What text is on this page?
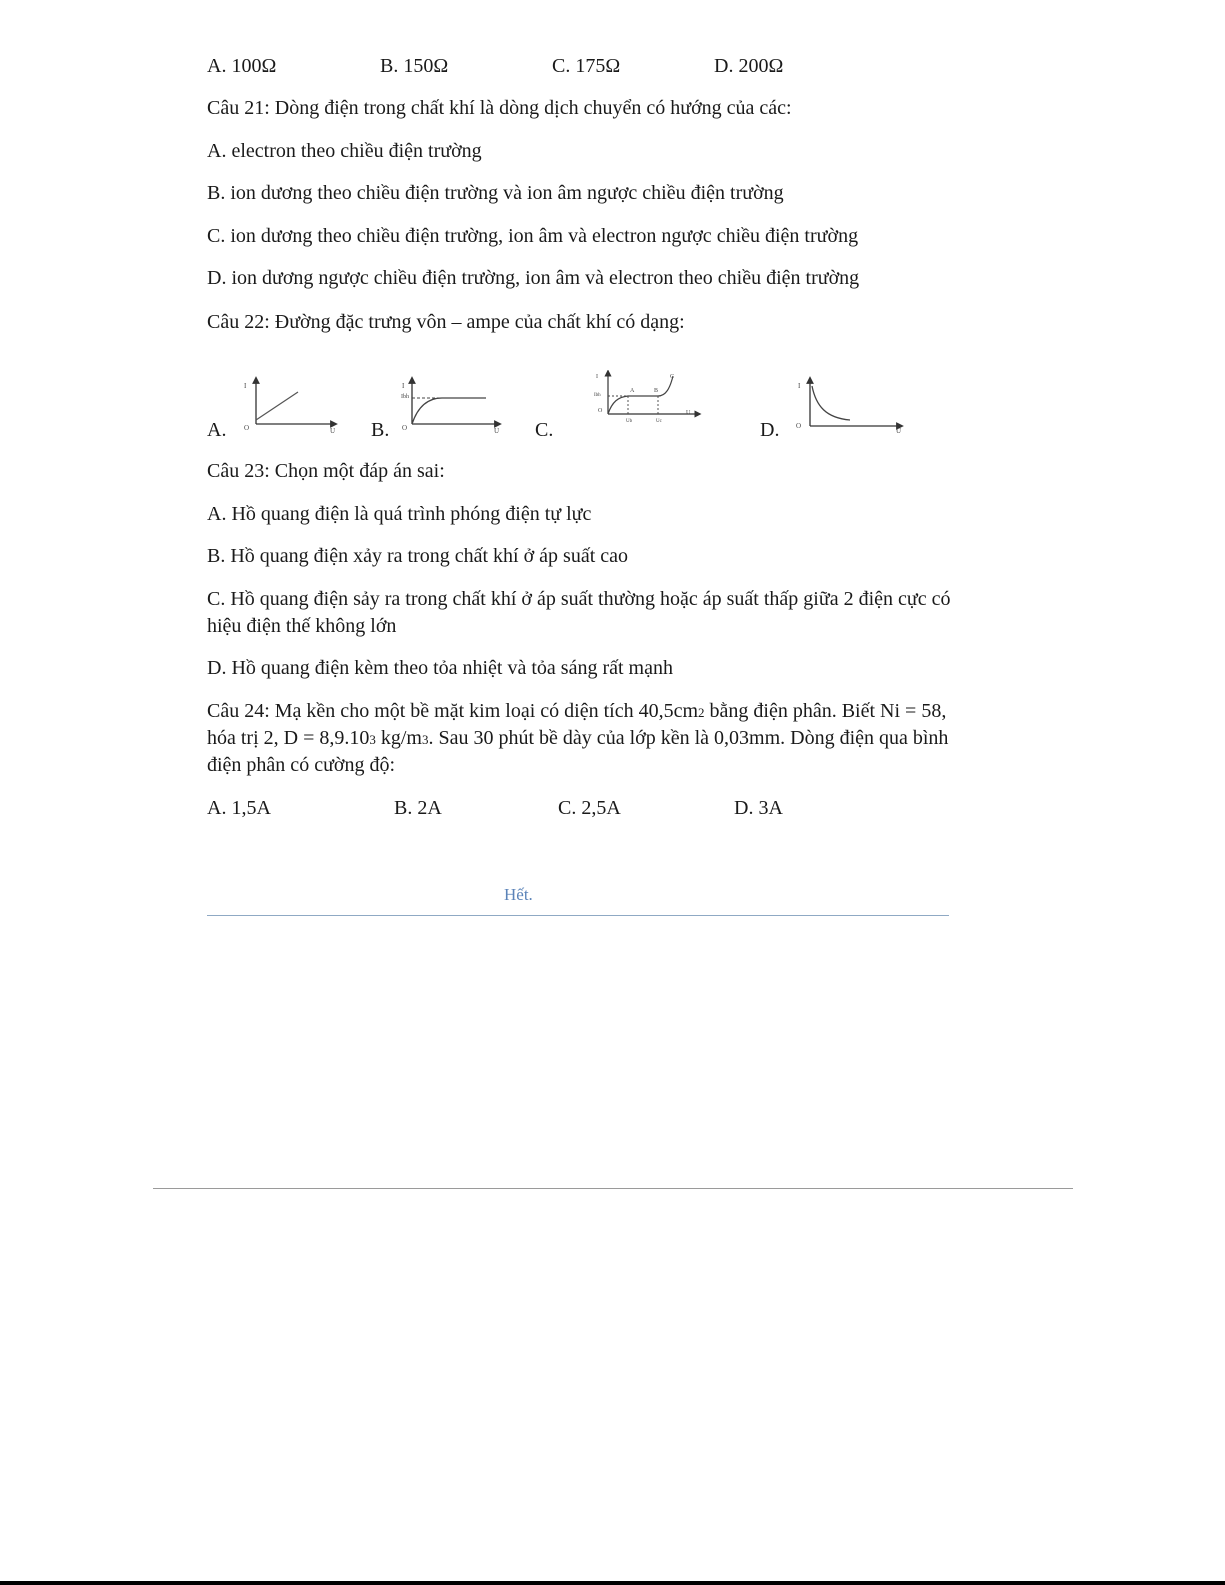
A. 100Ω	B. 150Ω	C. 175Ω	D. 200Ω
Câu 21: Dòng điện trong chất khí là dòng dịch chuyển có hướng của các:
A. electron theo chiều điện trường
B. ion dương theo chiều điện trường và ion âm ngược chiều điện trường
C. ion dương theo chiều điện trường, ion âm và electron ngược chiều điện trường
D. ion dương ngược chiều điện trường, ion âm và electron theo chiều điện trường
Câu 22: Đường đặc trưng vôn – ampe của chất khí có dạng:
A.	B.	C.	D.
I
O	U
I
Ibh
O	U
I
Ibh
O
Ub	Uc
U
A	B
C
I
O
U
Câu 23: Chọn một đáp án sai:
A. Hồ quang điện là quá trình phóng điện tự lực
B. Hồ quang điện xảy ra trong chất khí ở áp suất cao
C. Hồ quang điện sảy ra trong chất khí ở áp suất thường hoặc áp suất thấp giữa 2 điện cực có
hiệu điện thế không lớn
D. Hồ quang điện kèm theo tỏa nhiệt và tỏa sáng rất mạnh
Câu 24: Mạ kền cho một bề mặt kim loại có diện tích 40,5cm2 bằng điện phân. Biết Ni = 58,
hóa trị 2, D = 8,9.103 kg/m3. Sau 30 phút bề dày của lớp kền là 0,03mm. Dòng điện qua bình
điện phân có cường độ:
A. 1,5A	B. 2A	C. 2,5A	D. 3A
Hết.
